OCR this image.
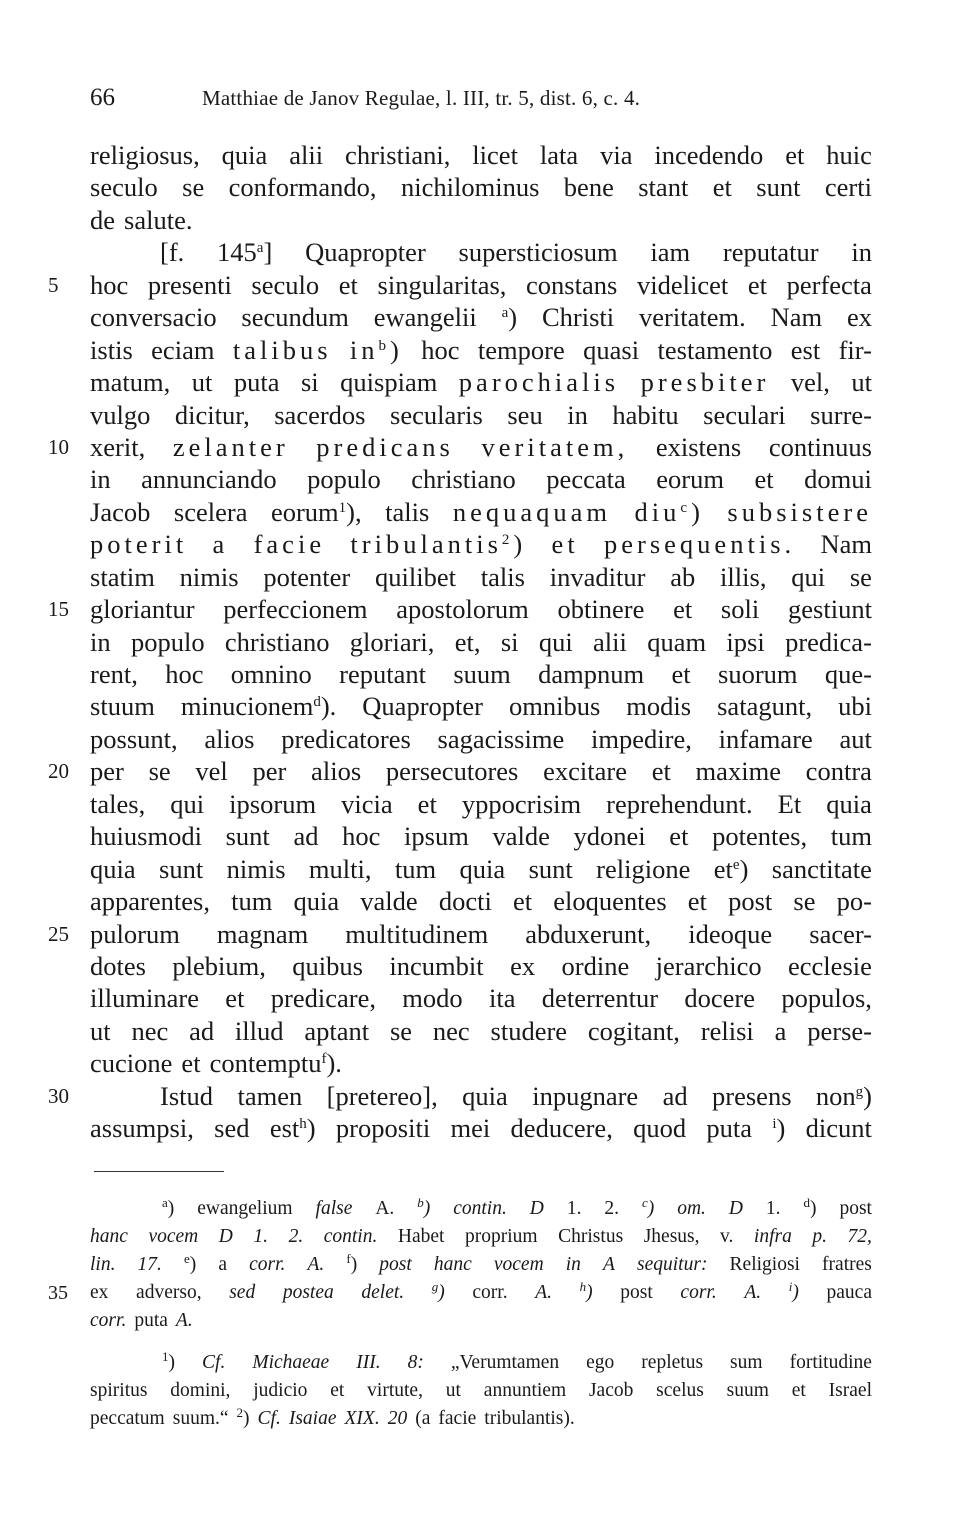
66	Matthiae de Janov Regulae, l. III, tr. 5, dist. 6, c. 4.
religiosus, quia alii christiani, licet lata via incedendo et huic
seculo se conformando, nichilominus bene stant et sunt certi
de salute.
[f. 145$^a$] Quapropter supersticiosum iam reputatur in
5	hoc presenti seculo et singularitas, constans videlicet et perfecta
conversacio secundum ewangelii $^a$) Christi veritatem. Nam ex
istis eciam talibus $in^b$) hoc tempore quasi testamento est fir-
matum, ut puta si quispiam parochialis presbiter vel, ut
vulgo dicitur, sacerdos secularis seu in habitu seculari surre-
10 xerit, zelanter predicans veritatem, existens continuus
in annunciando populo christiano peccata eorum et domui
Jacob scelera eorum$^1$), talis nequaquam diu$^c$) subsistere
poterit a facie tribulantis$^2$) et persequentis. Nam
statim nimis potenter quilibet talis invaditur ab illis, qui se
15 gloriantur perfeccionem apostolorum obtinere et soli gestiunt
in populo christiano gloriari, et, si qui alii quam ipsi predica-
rent, hoc omnino reputant suum dampnum et suorum que-
stuum minucionem$^d$). Quapropter omnibus modis satagunt, ubi
possunt, alios predicatores sagacissime impedire, infamare aut
20 per se vel per alios persecutores excitare et maxime contra
tales, qui ipsorum vicia et yppocrisim reprehendunt. Et quia
huiusmodi sunt ad hoc ipsum valde ydonei et potentes, tum
quia sunt nimis multi, tum quia sunt religione $et^e$) sanctitate
apparentes, tum quia valde docti et eloquentes et post se po-
25 pulorum magnam multitudinem abduxerunt, ideoque sacer-
dotes plebium, quibus incumbit ex ordine jerarchico ecclesie
illuminare et predicare, modo ita deterrentur docere populos,
ut nec ad illud aptant se nec studere cogitant, relisi a perse-
cucione et contemptu$^f$).
30	Istud tamen [pretereo], quia inpugnare ad presens non$^g$)
assumpsi, sed est$^h$) propositi mei deducere, quod puta $^i$) dicunt
$^a$) ewangelium false A. $^b$) contin. D 1. 2. $^c$) om. D 1. $^d$) post
hanc vocem D 1. 2. contin. Habet proprium Christus Jhesus, v. infra p. 72,
lin. 17. $^e$) a corr. A. $^f$) post hanc vocem in A sequitur: Religiosi fratres
35 ex adverso, sed postea delet. $^g$) corr. A. $^h$) post corr. A. $^i$) pauca
corr. puta A.
$^1$) Cf. Michaeae III. 8: „Verumtamen ego repletus sum fortitudine
spiritus domini, judicio et virtute, ut annuntiem Jacob scelus suum et Israel
peccatum suum.“ $^2$) Cf. Isaiae XIX. 20 (a facie tribulantis).
